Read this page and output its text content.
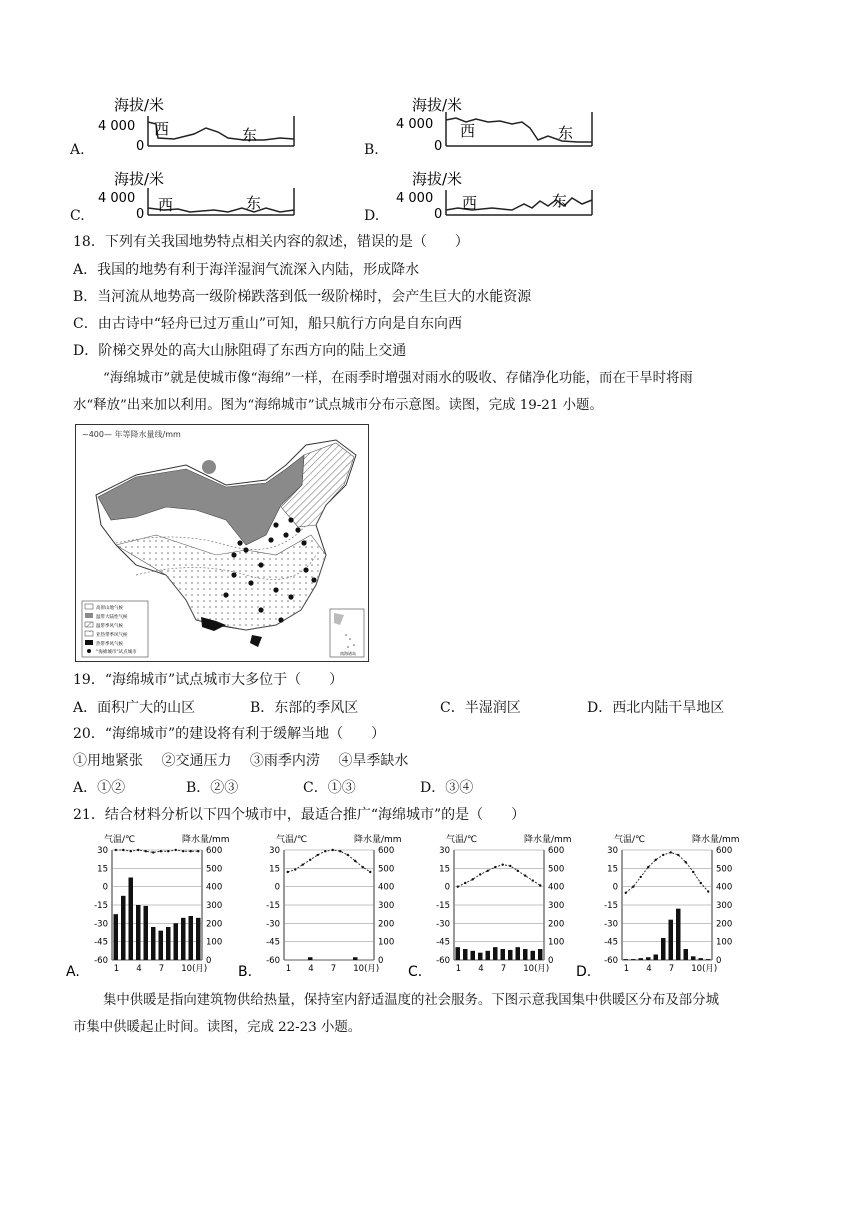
A.
海拔/米
4 000
0
西	东
B.
海拔/米
4 000
0
西	东
C.
海拔/米
4 000
0
西	东
D.
海拔/米
4 000
0
西	东
18．下列有关我国地势特点相关内容的叙述，错误的是（　　）
A．我国的地势有利于海洋湿润气流深入内陆，形成降水
B．当河流从地势高一级阶梯跌落到低一级阶梯时，会产生巨大的水能资源
C．由古诗中“轻舟已过万重山”可知，船只航行方向是自东向西
D．阶梯交界处的高大山脉阻碍了东西方向的陆上交通
“海绵城市”就是使城市像“海绵”一样，在雨季时增强对雨水的吸收、存储净化功能，而在干旱时将雨
水“释放”出来加以利用。图为“海绵城市”试点城市分布示意图。读图，完成 19-21 小题。
~400— 年等降水量线/mm
高原山地气候
温带大陆性气候
温带季风气候
亚热带季风气候
热带季风气候
“海绵城市”试点城市	南海诸岛
19．“海绵城市”试点城市大多位于（　　）
A．面积广大的山区	B．东部的季风区	C．半湿润区	D．西北内陆干旱地区
20．“海绵城市”的建设将有利于缓解当地（　　）
①用地紧张　 ②交通压力　 ③雨季内涝　 ④旱季缺水
A．①②	B．②③	C．①③	D．③④
21．结合材料分析以下四个城市中，最适合推广“海绵城市”的是（　　）
A.
气温/℃	降水量/mm
30	600
15	500
0	400
-15	300
-30	200
-45	100
-60	0
1 4 7 10(月) B.
气温/℃	降水量/mm
30	600
15	500
0	400
-15	300
-30	200
-45	100
-60	0
1 4 7 10(月) C.
气温/℃	降水量/mm
30	600
15	500
0	400
-15	300
-30	200
-45	100
-60	0
1 4 7 10(月) D.
气温/℃	降水量/mm
30	600
15	500
0	400
-15	300
-30	200
-45	100
-60	0
1 4 7 10(月)
集中供暖是指向建筑物供给热量，保持室内舒适温度的社会服务。下图示意我国集中供暖区分布及部分城
市集中供暖起止时间。读图，完成 22-23 小题。
